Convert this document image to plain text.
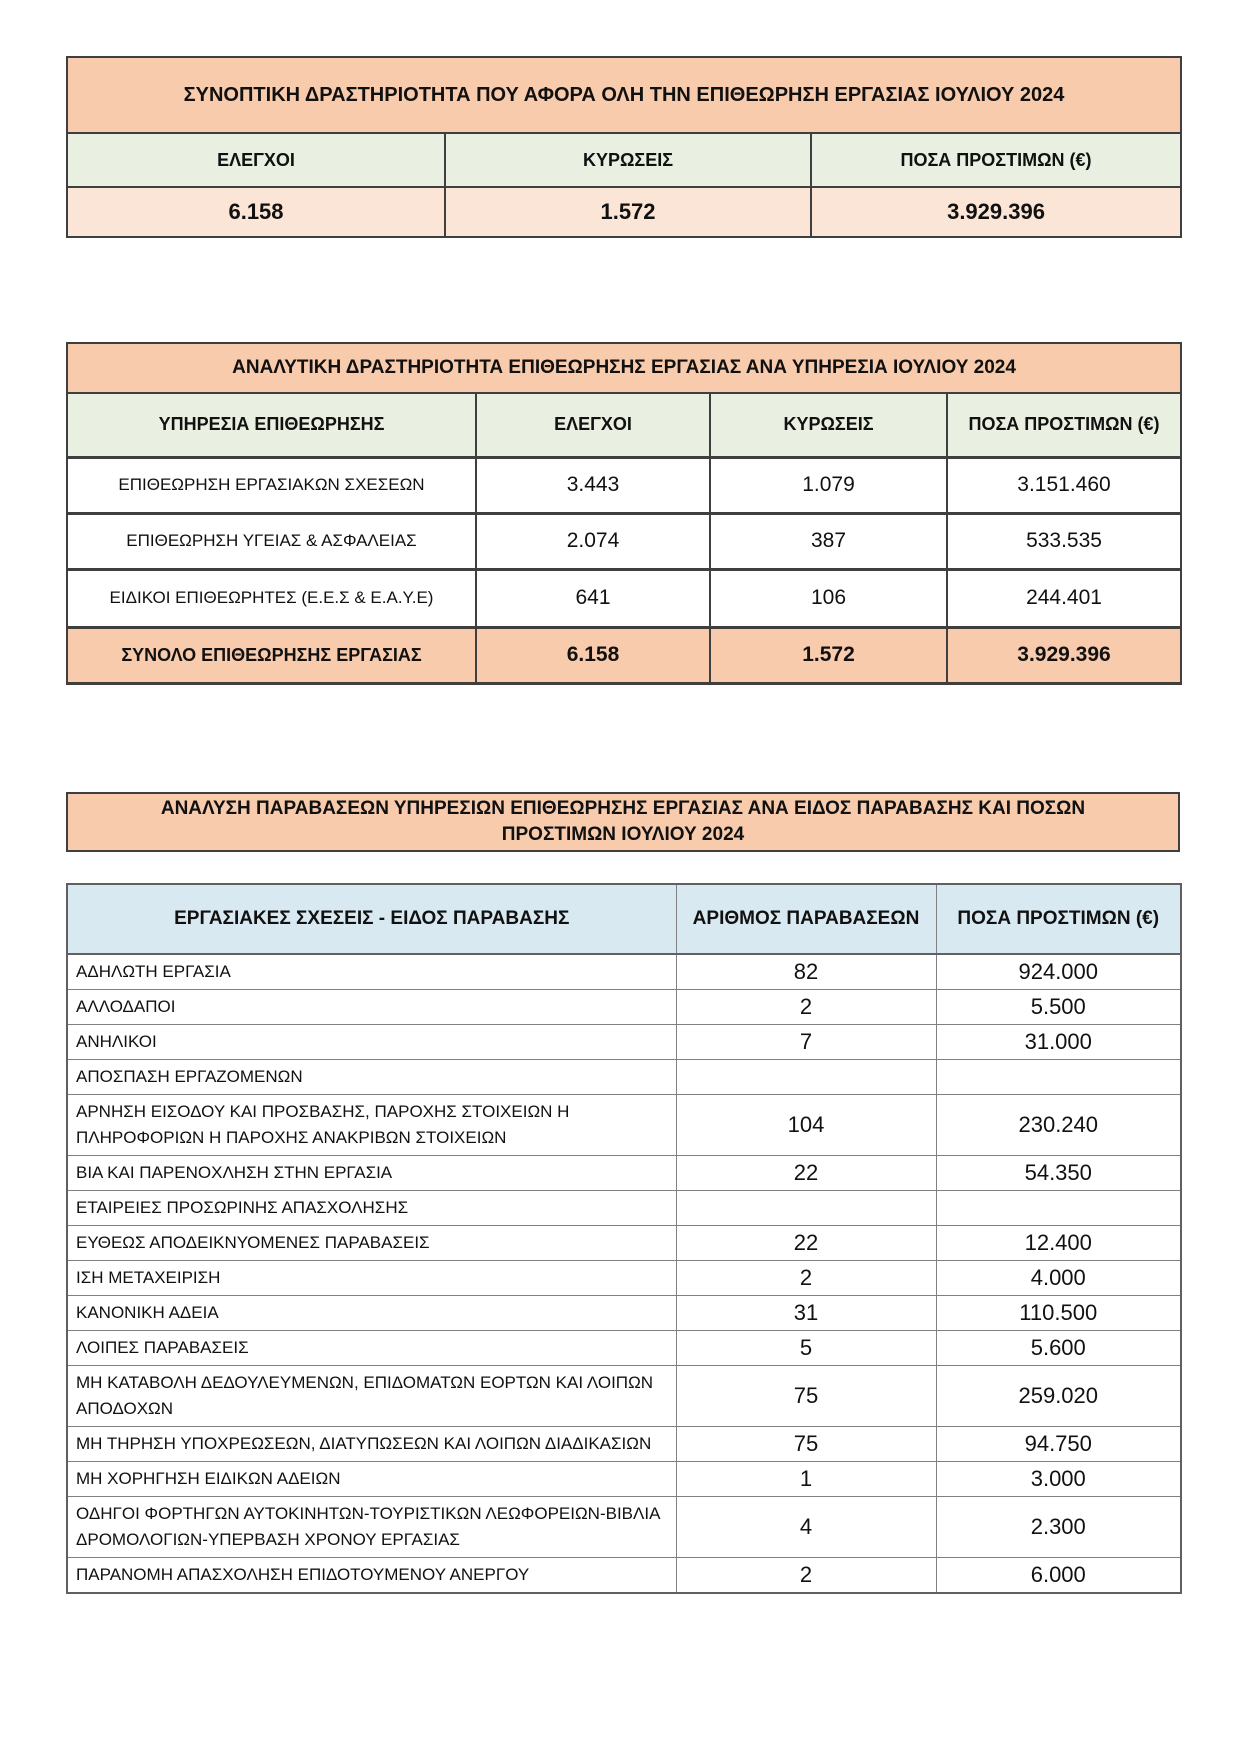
ΣΥΝΟΠΤΙΚΗ ΔΡΑΣΤΗΡΙΟΤΗΤΑ ΠΟΥ ΑΦΟΡΑ ΟΛΗ ΤΗΝ ΕΠΙΘΕΩΡΗΣΗ ΕΡΓΑΣΙΑΣ ΙΟΥΛΙΟΥ 2024		
ΕΛΕΓΧΟΙ	ΚΥΡΩΣΕΙΣ	ΠΟΣΑ ΠΡΟΣΤΙΜΩΝ (€)
6.158	1.572	3.929.396
ΑΝΑΛΥΤΙΚΗ ΔΡΑΣΤΗΡΙΟΤΗΤΑ ΕΠΙΘΕΩΡΗΣΗΣ ΕΡΓΑΣΙΑΣ ΑΝΑ ΥΠΗΡΕΣΙΑ ΙΟΥΛΙΟΥ 2024			
ΥΠΗΡΕΣΙΑ ΕΠΙΘΕΩΡΗΣΗΣ	ΕΛΕΓΧΟΙ	ΚΥΡΩΣΕΙΣ	ΠΟΣΑ ΠΡΟΣΤΙΜΩΝ (€)
ΕΠΙΘΕΩΡΗΣΗ ΕΡΓΑΣΙΑΚΩΝ ΣΧΕΣΕΩΝ	3.443	1.079	3.151.460
ΕΠΙΘΕΩΡΗΣΗ ΥΓΕΙΑΣ & ΑΣΦΑΛΕΙΑΣ	2.074	387	533.535
ΕΙΔΙΚΟΙ ΕΠΙΘΕΩΡΗΤΕΣ (Ε.Ε.Σ & Ε.Α.Υ.Ε)	641	106	244.401
ΣΥΝΟΛΟ ΕΠΙΘΕΩΡΗΣΗΣ ΕΡΓΑΣΙΑΣ	6.158	1.572	3.929.396
ΑΝΑΛΥΣΗ ΠΑΡΑΒΑΣΕΩΝ ΥΠΗΡΕΣΙΩΝ ΕΠΙΘΕΩΡΗΣΗΣ ΕΡΓΑΣΙΑΣ ΑΝΑ ΕΙΔΟΣ ΠΑΡΑΒΑΣΗΣ ΚΑΙ ΠΟΣΩΝ ΠΡΟΣΤΙΜΩΝ ΙΟΥΛΙΟΥ 2024
ΕΡΓΑΣΙΑΚΕΣ ΣΧΕΣΕΙΣ - ΕΙΔΟΣ ΠΑΡΑΒΑΣΗΣ	ΑΡΙΘΜΟΣ ΠΑΡΑΒΑΣΕΩΝ	ΠΟΣΑ ΠΡΟΣΤΙΜΩΝ (€)
ΑΔΗΛΩΤΗ ΕΡΓΑΣΙΑ	82	924.000
ΑΛΛΟΔΑΠΟΙ	2	5.500
ΑΝΗΛΙΚΟΙ	7	31.000
ΑΠΟΣΠΑΣΗ ΕΡΓΑΖΟΜΕΝΩΝ		
ΑΡΝΗΣΗ ΕΙΣΟΔΟΥ ΚΑΙ ΠΡΟΣΒΑΣΗΣ, ΠΑΡΟΧΗΣ ΣΤΟΙΧΕΙΩΝ Η ΠΛΗΡΟΦΟΡΙΩΝ Η ΠΑΡΟΧΗΣ ΑΝΑΚΡΙΒΩΝ ΣΤΟΙΧΕΙΩΝ	104	230.240
ΒΙΑ ΚΑΙ ΠΑΡΕΝΟΧΛΗΣΗ ΣΤΗΝ ΕΡΓΑΣΙΑ	22	54.350
ΕΤΑΙΡΕΙΕΣ ΠΡΟΣΩΡΙΝΗΣ ΑΠΑΣΧΟΛΗΣΗΣ		
ΕΥΘΕΩΣ ΑΠΟΔΕΙΚΝΥΟΜΕΝΕΣ ΠΑΡΑΒΑΣΕΙΣ	22	12.400
ΙΣΗ ΜΕΤΑΧΕΙΡΙΣΗ	2	4.000
ΚΑΝΟΝΙΚΗ ΑΔΕΙΑ	31	110.500
ΛΟΙΠΕΣ ΠΑΡΑΒΑΣΕΙΣ	5	5.600
ΜΗ ΚΑΤΑΒΟΛΗ ΔΕΔΟΥΛΕΥΜΕΝΩΝ, ΕΠΙΔΟΜΑΤΩΝ ΕΟΡΤΩΝ ΚΑΙ ΛΟΙΠΩΝ ΑΠΟΔΟΧΩΝ	75	259.020
ΜΗ ΤΗΡΗΣΗ ΥΠΟΧΡΕΩΣΕΩΝ, ΔΙΑΤΥΠΩΣΕΩΝ ΚΑΙ ΛΟΙΠΩΝ ΔΙΑΔΙΚΑΣΙΩΝ	75	94.750
ΜΗ ΧΟΡΗΓΗΣΗ ΕΙΔΙΚΩΝ ΑΔΕΙΩΝ	1	3.000
ΟΔΗΓΟΙ ΦΟΡΤΗΓΩΝ ΑΥΤΟΚΙΝΗΤΩΝ-ΤΟΥΡΙΣΤΙΚΩΝ ΛΕΩΦΟΡΕΙΩΝ-ΒΙΒΛΙΑ ΔΡΟΜΟΛΟΓΙΩΝ-ΥΠΕΡΒΑΣΗ ΧΡΟΝΟΥ ΕΡΓΑΣΙΑΣ	4	2.300
ΠΑΡΑΝΟΜΗ ΑΠΑΣΧΟΛΗΣΗ ΕΠΙΔΟΤΟΥΜΕΝΟΥ ΑΝΕΡΓΟΥ	2	6.000
